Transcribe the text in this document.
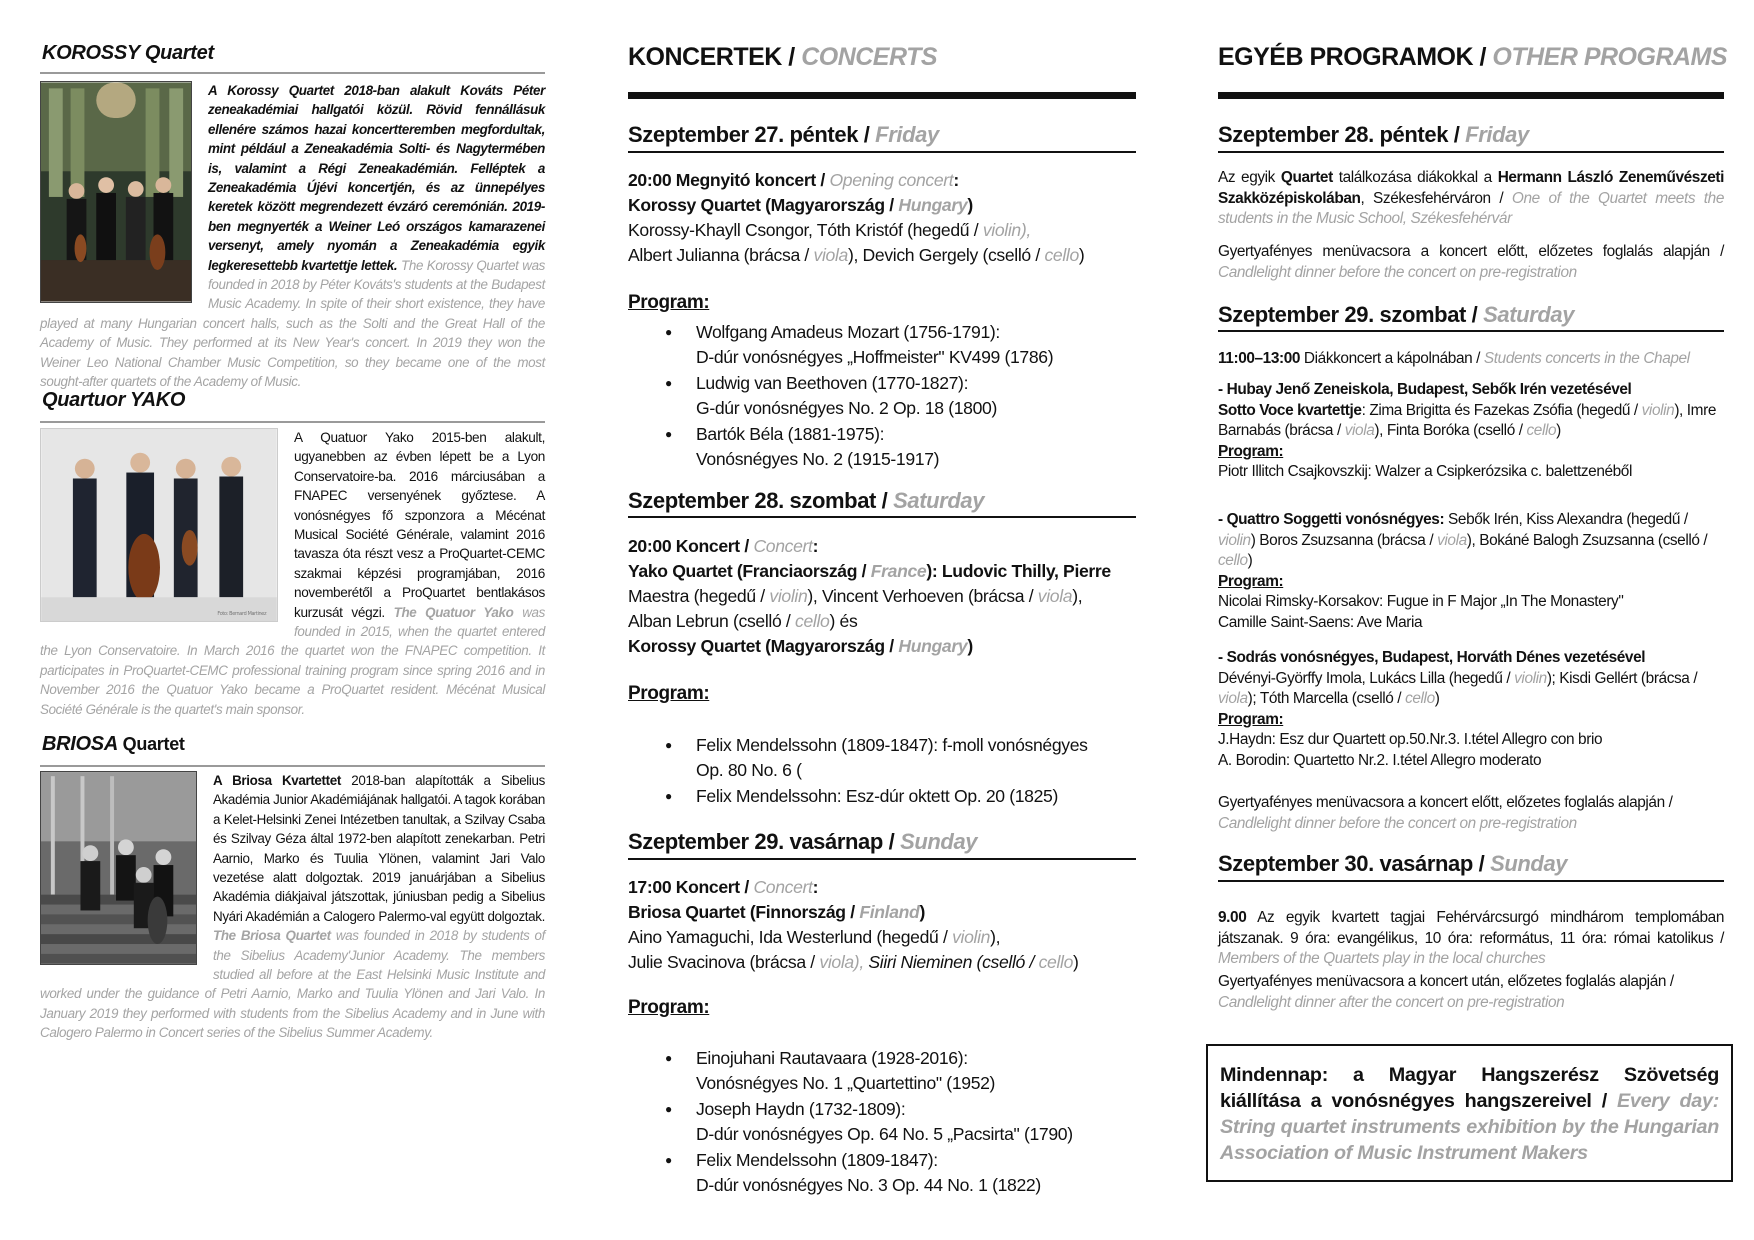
KOROSSY Quartet
A Korossy Quartet 2018-ban alakult Kováts Péter zeneakadémiai hallgatói közül. Rövid fennállásuk ellenére számos hazai koncertteremben megfordultak, mint például a Zeneakadémia Solti- és Nagytermében is, valamint a Régi Zeneakadémián. Felléptek a Zeneakadémia Újévi koncertjén, és az ünnepélyes keretek között megrendezett évzáró ceremónián. 2019-ben megnyerték a Weiner Leó országos kamarazenei versenyt, amely nyomán a Zeneakadémia egyik legkeresettebb kvartettje lettek. The Korossy Quartet was founded in 2018 by Péter Kováts's students at the Budapest Music Academy. In spite of their short existence, they have played at many Hungarian concert halls, such as the Solti and the Great Hall of the Academy of Music. They performed at its New Year's concert. In 2019 they won the Weiner Leo National Chamber Music Competition, so they became one of the most sought-after quartets of the Academy of Music.
Quartuor YAKO
Foto: Bernard Martinez
A Quatuor Yako 2015-ben alakult, ugyanebben az évben lépett be a Lyon Conservatoire-ba. 2016 márciusában a FNAPEC versenyének győztese. A vonósnégyes fő szponzora a Mécénat Musical Société Générale, valamint 2016 tavasza óta részt vesz a ProQuartet-CEMC szakmai képzési programjában, 2016 novemberétől a ProQuartet bentlakásos kurzusát végzi. The Quatuor Yako was founded in 2015, when the quartet entered the Lyon Conservatoire. In March 2016 the quartet won the FNAPEC competition. It participates in ProQuartet-CEMC professional training program since spring 2016 and in November 2016 the Quatuor Yako became a ProQuartet resident. Mécénat Musical Société Générale is the quartet's main sponsor.
BRIOSA Quartet
A Briosa Kvartettet 2018-ban alapították a Sibelius Akadémia Junior Akadémiájának hallgatói. A tagok korában a Kelet-Helsinki Zenei Intézetben tanultak, a Szilvay Csaba és Szilvay Géza által 1972-ben alapított zenekarban. Petri Aarnio, Marko és Tuulia Ylönen, valamint Jari Valo vezetése alatt dolgoztak. 2019 januárjában a Sibelius Akadémia diákjaival játszottak, júniusban pedig a Sibelius Nyári Akadémián a Calogero Palermo-val együtt dolgoztak. The Briosa Quartet was founded in 2018 by students of the Sibelius Academy'Junior Academy. The members studied all before at the East Helsinki Music Institute and worked under the guidance of Petri Aarnio, Marko and Tuulia Ylönen and Jari Valo. In January 2019 they performed with students from the Sibelius Academy and in June with Calogero Palermo in Concert series of the Sibelius Summer Academy.
KONCERTEK / CONCERTS
Szeptember 27. péntek / Friday
20:00 Megnyitó koncert / Opening concert:
Korossy Quartet (Magyarország / Hungary)
Korossy-Khayll Csongor, Tóth Kristóf (hegedű / violin),
Albert Julianna (brácsa / viola), Devich Gergely (cselló / cello)
Program:
● Wolfgang Amadeus Mozart (1756-1791):
D-dúr vonósnégyes „Hoffmeister" KV499 (1786)
● Ludwig van Beethoven (1770-1827):
G-dúr vonósnégyes No. 2 Op. 18 (1800)
● Bartók Béla (1881-1975):
Vonósnégyes No. 2 (1915-1917)
Szeptember 28. szombat / Saturday
20:00 Koncert / Concert:
Yako Quartet (Franciaország / France): Ludovic Thilly, Pierre
Maestra (hegedű / violin), Vincent Verhoeven (brácsa / viola),
Alban Lebrun (cselló / cello) és
Korossy Quartet (Magyarország / Hungary)
Program:
● Felix Mendelssohn (1809-1847): f-moll vonósnégyes
Op. 80 No. 6 (
● Felix Mendelssohn: Esz-dúr oktett Op. 20 (1825)
Szeptember 29. vasárnap / Sunday
17:00 Koncert / Concert:
Briosa Quartet (Finnország / Finland)
Aino Yamaguchi, Ida Westerlund (hegedű / violin),
Julie Svacinova (brácsa / viola), Siiri Nieminen (cselló / cello)
Program:
● Einojuhani Rautavaara (1928-2016):
Vonósnégyes No. 1 „Quartettino" (1952)
● Joseph Haydn (1732-1809):
D-dúr vonósnégyes Op. 64 No. 5 „Pacsirta" (1790)
● Felix Mendelssohn (1809-1847):
D-dúr vonósnégyes No. 3 Op. 44 No. 1 (1822)
EGYÉB PROGRAMOK / OTHER PROGRAMS
Szeptember 28. péntek / Friday
Az egyik Quartet találkozása diákokkal a Hermann László Zeneművészeti Szakközépiskolában, Székesfehérváron / One of the Quartet meets the students in the Music School, Székesfehérvár
Gyertyafényes menüvacsora a koncert előtt, előzetes foglalás alapján / Candlelight dinner before the concert on pre-registration
Szeptember 29. szombat / Saturday
11:00–13:00 Diákkoncert a kápolnában / Students concerts in the Chapel
- Hubay Jenő Zeneiskola, Budapest, Sebők Irén vezetésével
Sotto Voce kvartettje: Zima Brigitta és Fazekas Zsófia (hegedű / violin), Imre Barnabás (brácsa / viola), Finta Boróka (cselló / cello)
Program:
Piotr Illitch Csajkovszkij: Walzer a Csipkerózsika c. balettzenéből
- Quattro Soggetti vonósnégyes: Sebők Irén, Kiss Alexandra (hegedű / violin) Boros Zsuzsanna (brácsa / viola), Bokáné Balogh Zsuzsanna (cselló / cello)
Program:
Nicolai Rimsky-Korsakov: Fugue in F Major „In The Monastery"
Camille Saint-Saens: Ave Maria
- Sodrás vonósnégyes, Budapest, Horváth Dénes vezetésével
Dévényi-Györffy Imola, Lukács Lilla (hegedű / violin); Kisdi Gellért (brácsa / viola); Tóth Marcella (cselló / cello)
Program:
J.Haydn: Esz dur Quartett op.50.Nr.3. I.tétel Allegro con brio
A. Borodin: Quartetto Nr.2. I.tétel Allegro moderato
Gyertyafényes menüvacsora a koncert előtt, előzetes foglalás alapján / Candlelight dinner before the concert on pre-registration
Szeptember 30. vasárnap / Sunday
9.00 Az egyik kvartett tagjai Fehérvárcsurgó mindhárom templomában játszanak. 9 óra: evangélikus, 10 óra: református, 11 óra: római katolikus / Members of the Quartets play in the local churches
Gyertyafényes menüvacsora a koncert után, előzetes foglalás alapján / Candlelight dinner after the concert on pre-registration
Mindennap: a Magyar Hangszerész Szövetség kiállítása a vonósnégyes hangszereivel / Every day: String quartet instruments exhibition by the Hungarian Association of Music Instrument Makers
